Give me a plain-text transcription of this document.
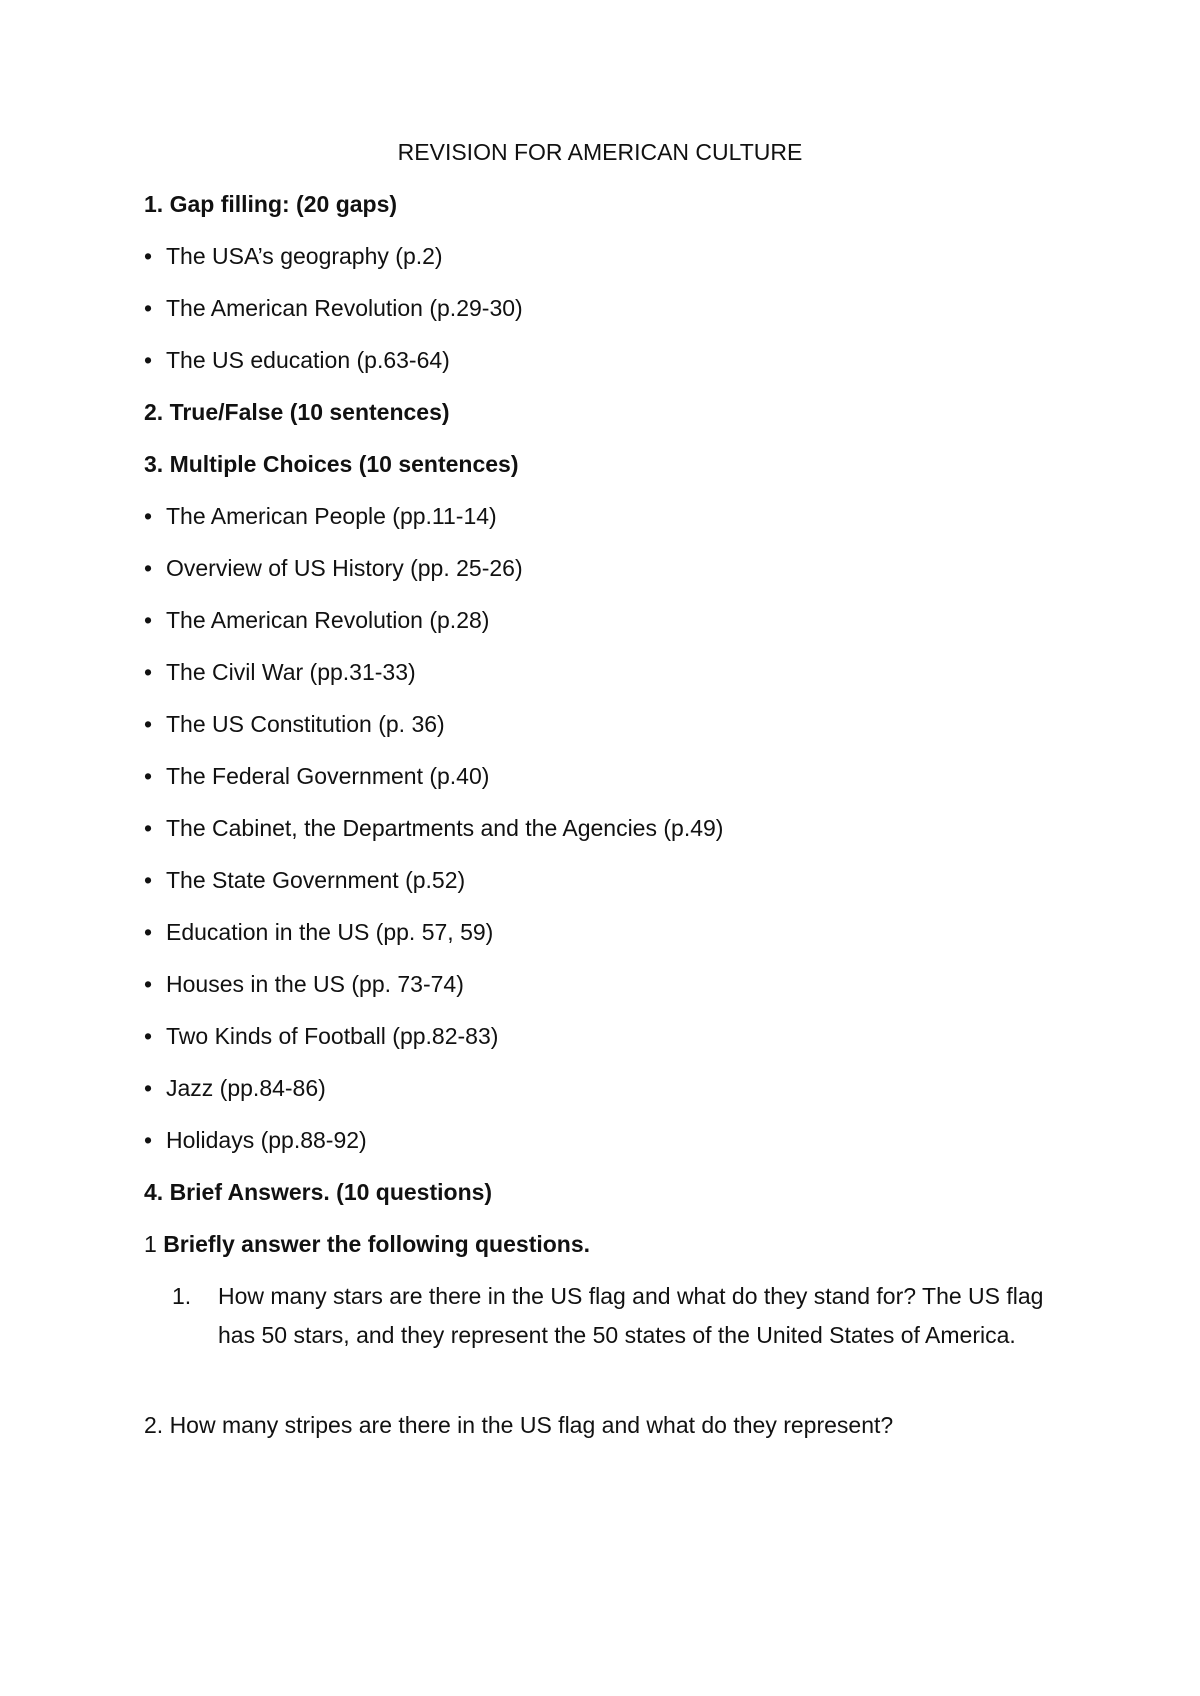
REVISION FOR AMERICAN CULTURE
1. Gap filling: (20 gaps)
• The USA’s geography (p.2)
• The American Revolution (p.29-30)
• The US education (p.63-64)
2. True/False (10 sentences)
3. Multiple Choices (10 sentences)
• The American People (pp.11-14)
• Overview of US History (pp. 25-26)
• The American Revolution (p.28)
• The Civil War (pp.31-33)
• The US Constitution (p. 36)
• The Federal Government (p.40)
• The Cabinet, the Departments and the Agencies (p.49)
• The State Government (p.52)
• Education in the US (pp. 57, 59)
• Houses in the US (pp. 73-74)
• Two Kinds of Football (pp.82-83)
• Jazz (pp.84-86)
• Holidays (pp.88-92)
4. Brief Answers. (10 questions)
1 Briefly answer the following questions.
1. How many stars are there in the US flag and what do they stand for? The US flag has 50 stars, and they represent the 50 states of the United States of America.
2. How many stripes are there in the US flag and what do they represent?
